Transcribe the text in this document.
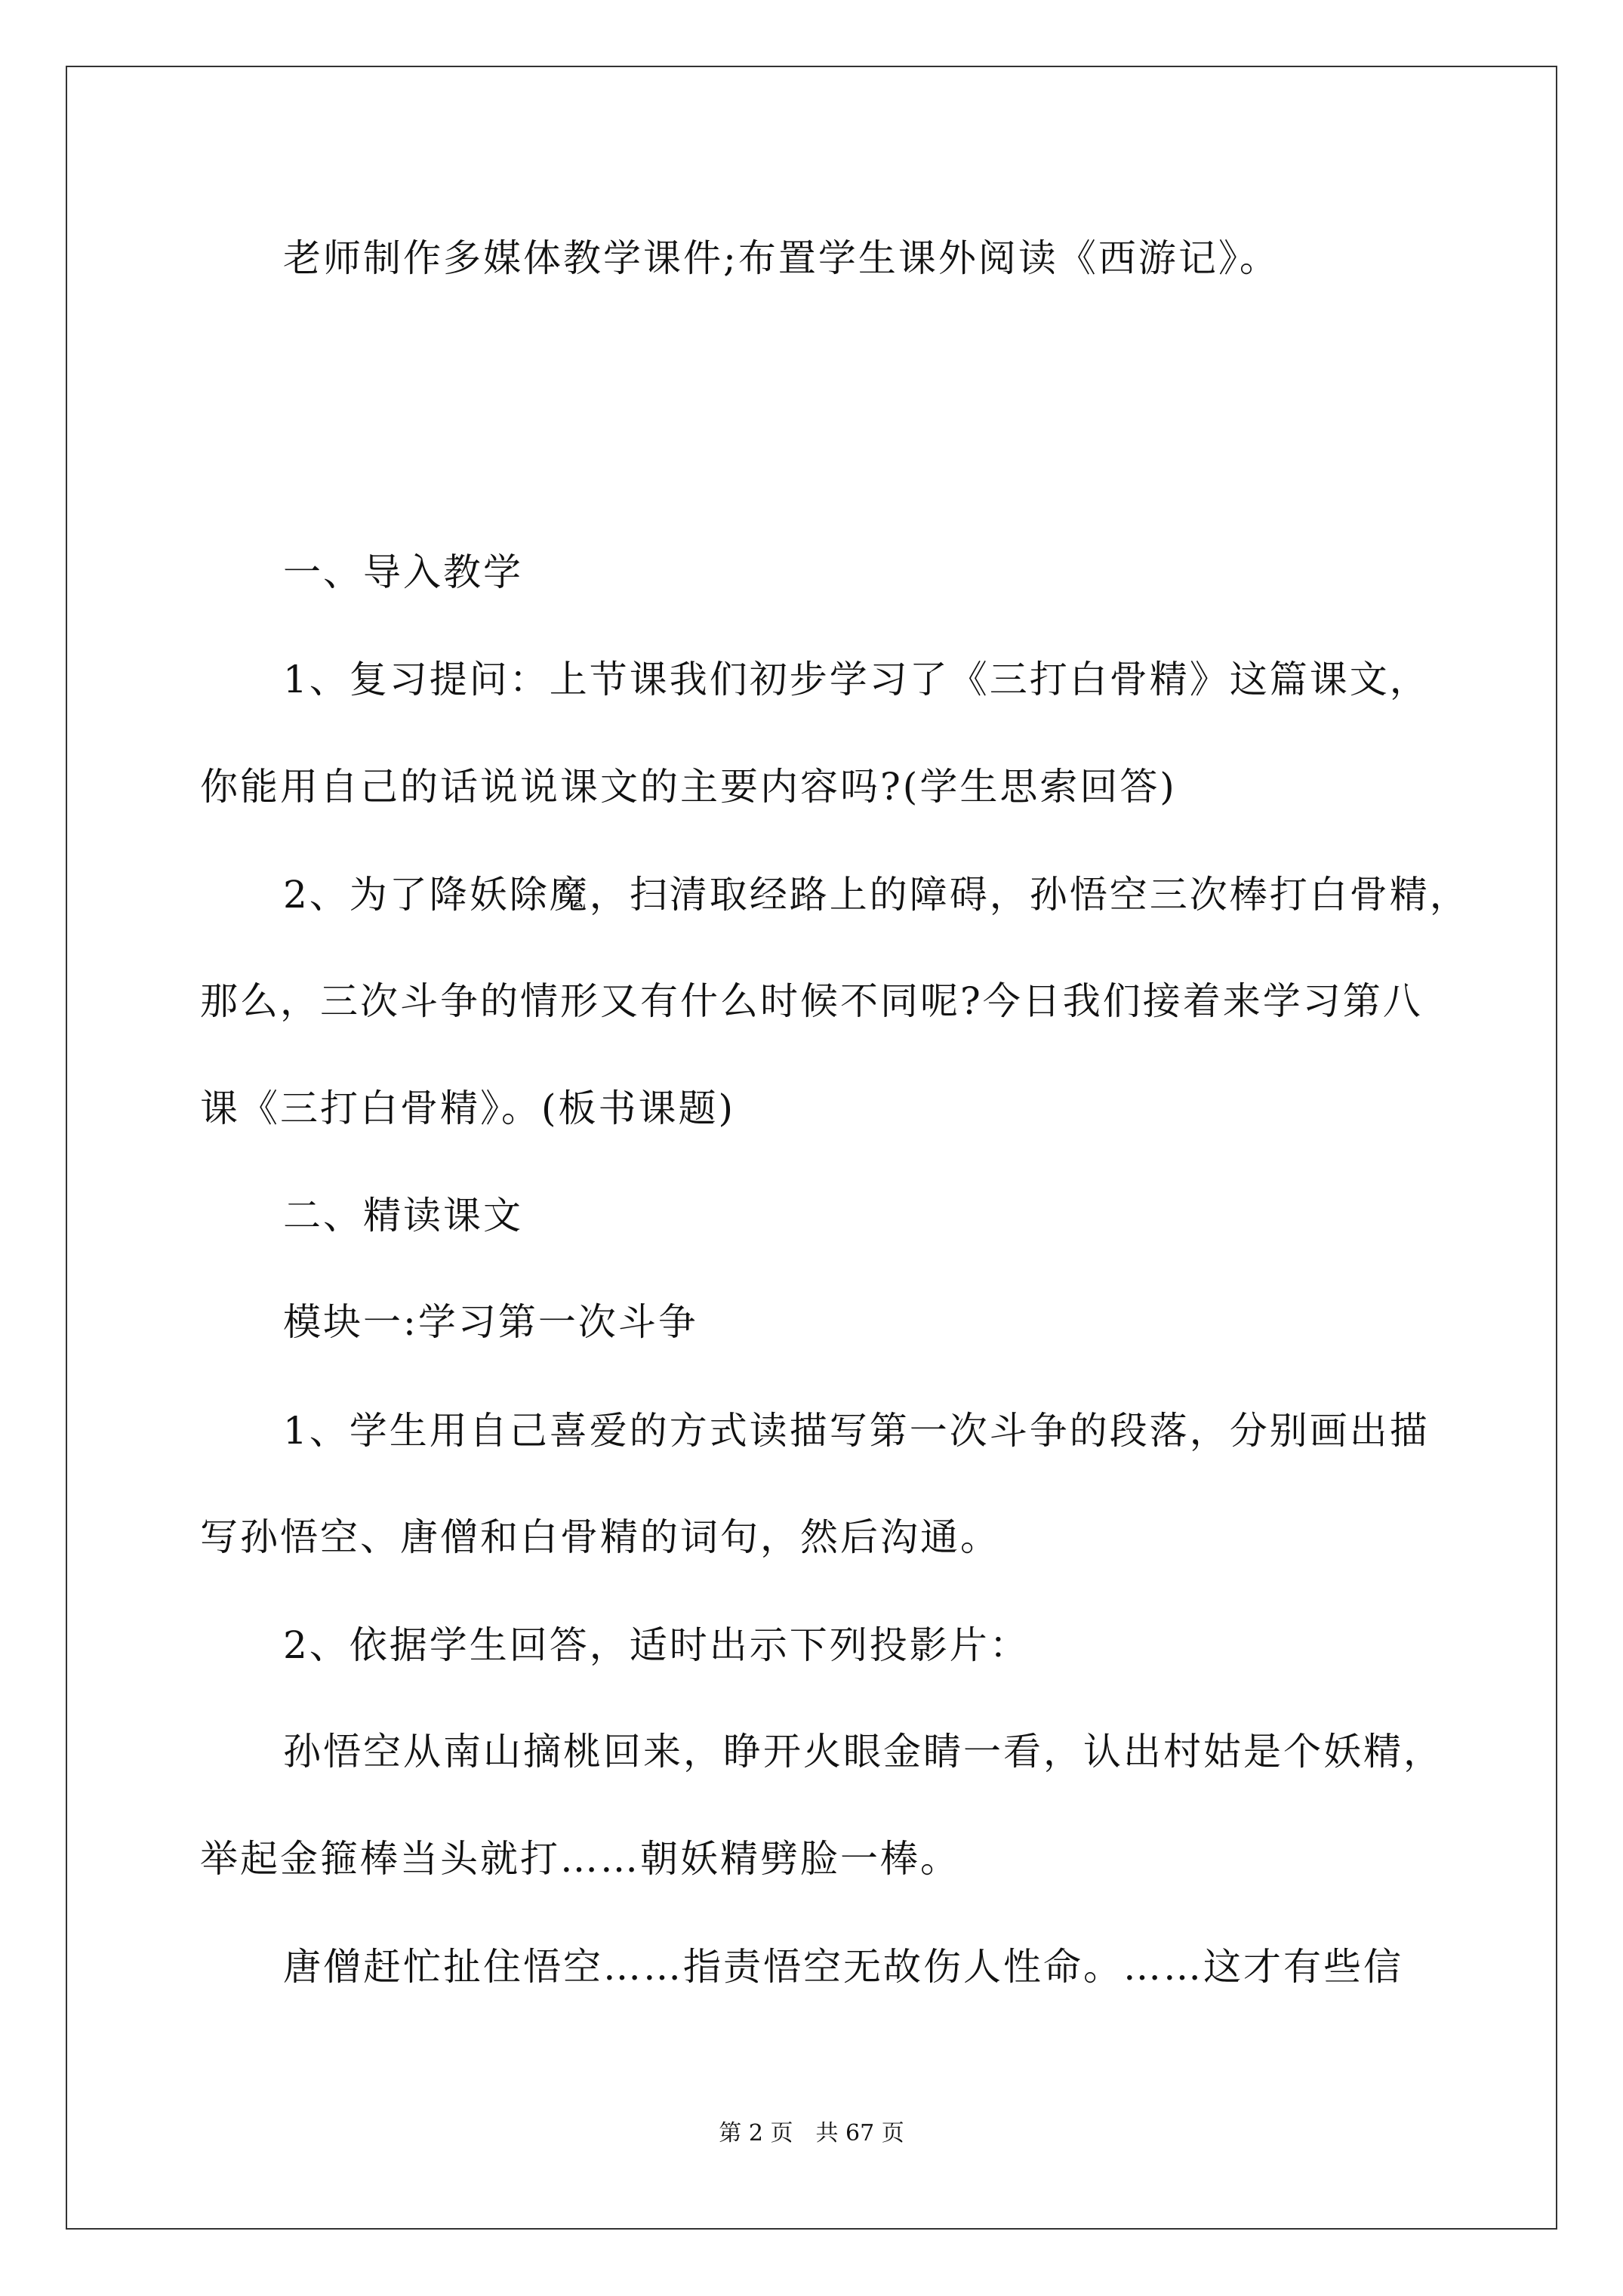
老师制作多媒体教学课件;布置学生课外阅读《西游记》。

一、导入教学

1、复习提问：上节课我们初步学习了《三打白骨精》这篇课文，

你能用自己的话说说课文的主要内容吗?(学生思索回答)

2、为了降妖除魔，扫清取经路上的障碍，孙悟空三次棒打白骨精，

那么，三次斗争的情形又有什么时候不同呢?今日我们接着来学习第八

课《三打白骨精》。(板书课题)

二、精读课文

模块一:学习第一次斗争

1、学生用自己喜爱的方式读描写第一次斗争的段落，分别画出描

写孙悟空、唐僧和白骨精的词句，然后沟通。

2、依据学生回答，适时出示下列投影片：

孙悟空从南山摘桃回来，睁开火眼金睛一看，认出村姑是个妖精，

举起金箍棒当头就打……朝妖精劈脸一棒。

唐僧赶忙扯住悟空……指责悟空无故伤人性命。……这才有些信

第 2 页　共 67 页
